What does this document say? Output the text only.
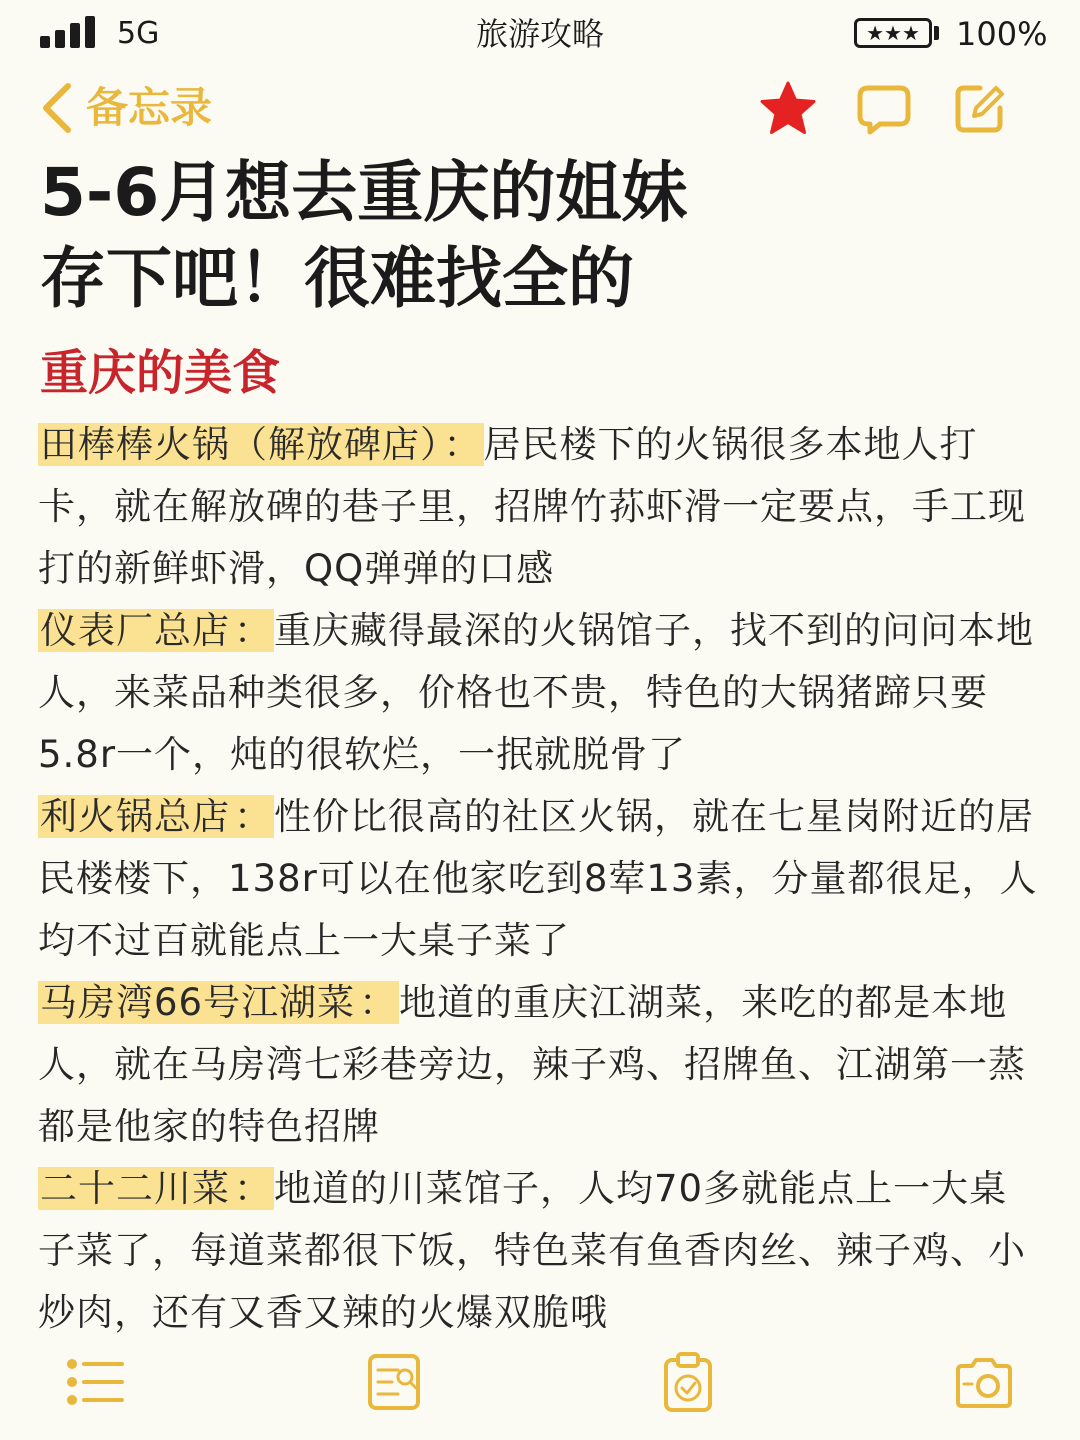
5G	旅游攻略	★★★	100%
备忘录
5-6月想去重庆的姐妹
存下吧！很难找全的
重庆的美食

田棒棒火锅（解放碑店） ：居民楼下的火锅很多本地人打卡，就在解放碑的巷子里，招牌竹荪虾滑一定要点，手工现打的新鲜虾滑，QQ弹弹的口感

仪表厂总店 ：重庆藏得最深的火锅馆子，找不到的问问本地人，来菜品种类很多，价格也不贵，特色的大锅猪蹄只要5.8r一个，炖的很软烂，一抿就脱骨了

利火锅总店 ：性价比很高的社区火锅，就在七星岗附近的居民楼楼下，138r可以在他家吃到8荤13素，分量都很足，人均不过百就能点上一大桌子菜了

马房湾66号江湖菜 ：地道的重庆江湖菜，来吃的都是本地人，就在马房湾七彩巷旁边，辣子鸡、招牌鱼、江湖第一蒸都是他家的特色招牌

二十二川菜 ：地道的川菜馆子，人均70多就能点上一大桌子菜了，每道菜都很下饭，特色菜有鱼香肉丝、辣子鸡、小炒肉，还有又香又辣的火爆双脆哦
